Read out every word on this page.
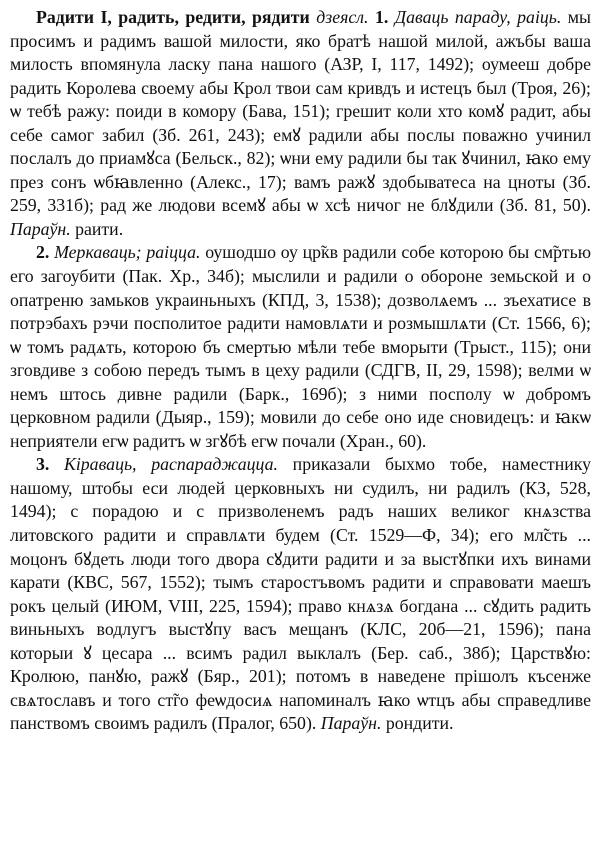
Радити I, радить, редити, рядити дзеясл. 1. Даваць параду, раіць. мы просимъ и радимъ вашой милости, яко братѣ нашой милой, ажъбы ваша милость впомянула ласку пана нашого (АЗР, I, 117, 1492); оумееш добре радить Королева своему абы Крол твои сам кривдъ и истецъ был (Троя, 26); ѡ тебѣ ражу: поиди в комору (Бава, 151); грешит коли хто комꙋ радит, абы себе самог забил (Зб. 261, 243); емꙋ радили абы послы поважно учинил послалъ до приамꙋса (Бельск., 82); ѡни ему радили бы так ꙋчинил, ꙗко ему през сонъ ѡбꙗвленно (Алекс., 17); вамъ ражꙋ здобыватеса на цноты (Зб. 259, 331б); рад же людови всемꙋ абы ѡ хсѣ ничог не блꙋдили (Зб. 81, 50). Параўн. раити.

2. Меркаваць; раіцца. оушодшо оу цр̃кв радили собе которою бы см̃ртью его загоубити (Пак. Хр., 34б); мыслили и радили о обороне земьской и о опатреню замьков украиньныхъ (КПД, 3, 1538); дозволѧемъ ... зъехатисе в потрэбахъ рэчи посполитое радити намовлѧти и розмышлѧти (Ст. 1566, 6); ѡ томъ радѧть, которою бъ смертью мѣли тебе вморыти (Трыст., 115); они зговдиве з собою передъ тымъ в цеху радили (СДГВ, II, 29, 1598); велми ѡ немъ штось дивне радили (Барк., 169б); з ними посполу ѡ добромъ церковном радили (Дыяр., 159); мовили до себе оно иде сновидецъ: и ꙗкѡ неприятели егѡ радитъ ѡ згꙋбѣ егѡ почали (Хран., 60).

3. Кіраваць, распараджацца. приказали быхмо тобе, наместнику нашому, штобы еси людей церковныхъ ни судилъ, ни радилъ (КЗ, 528, 1494); с порадою и с призволенемъ радъ наших великог кнѧзства литовского радити и справлѧти будем (Ст. 1529—Ф, 34); его мл̃сть ... моцонъ бꙋдеть люди того двора сꙋдити радити и за выстꙋпки ихъ винами карати (КВС, 567, 1552); тымъ старостъвомъ радити и справовати маешъ рокъ целый (ИЮМ, VIII, 225, 1594); право кнѧзѧ богдана ... сꙋдить радить виньныхъ водлугъ выстꙋпу васъ мещанъ (КЛС, 20б—21, 1596); пана которыи ꙋ цесара ... всимъ радил выклалъ (Бер. саб., 38б); Царствꙋю: Кролюю, панꙋю, ражꙋ (Бяр., 201); потомъ в наведене прішолъ късенже свѧтославъ и того ст̃го феѡдосиѧ напоминалъ ꙗко ѡтцъ абы справедливе панствомъ своимъ радилъ (Пралог, 650). Параўн. рондити.
